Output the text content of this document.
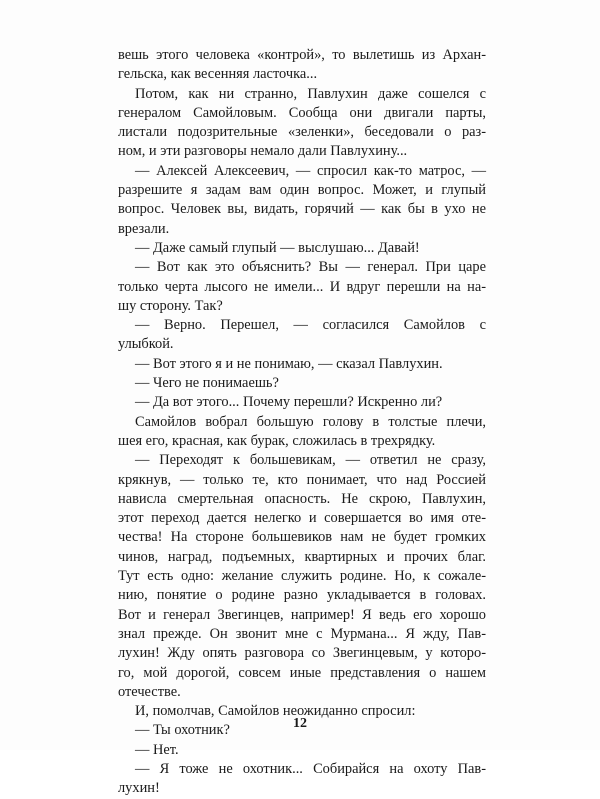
вешь этого человека «контрой», то вылетишь из Архан-
гельска, как весенняя ласточка...
Потом, как ни странно, Павлухин даже сошелся с
генералом Самойловым. Сообща они двигали парты,
листали подозрительные «зеленки», беседовали о раз-
ном, и эти разговоры немало дали Павлухину...
— Алексей Алексеевич, — спросил как-то матрос, —
разрешите я задам вам один вопрос. Может, и глупый
вопрос. Человек вы, видать, горячий — как бы в ухо не
врезали.
— Даже самый глупый — выслушаю... Давай!
— Вот как это объяснить? Вы — генерал. При царе
только черта лысого не имели... И вдруг перешли на на-
шу сторону. Так?
— Верно. Перешел, — согласился Самойлов с
улыбкой.
— Вот этого я и не понимаю, — сказал Павлухин.
— Чего не понимаешь?
— Да вот этого... Почему перешли? Искренно ли?
Самойлов вобрал большую голову в толстые плечи,
шея его, красная, как бурак, сложилась в трехрядку.
— Переходят к большевикам, — ответил не сразу,
крякнув, — только те, кто понимает, что над Россией
нависла смертельная опасность. Не скрою, Павлухин,
этот переход дается нелегко и совершается во имя оте-
чества! На стороне большевиков нам не будет громких
чинов, наград, подъемных, квартирных и прочих благ.
Тут есть одно: желание служить родине. Но, к сожале-
нию, понятие о родине разно укладывается в головах.
Вот и генерал Звегинцев, например! Я ведь его хорошо
знал прежде. Он звонит мне с Мурмана... Я жду, Пав-
лухин! Жду опять разговора со Звегинцевым, у которо-
го, мой дорогой, совсем иные представления о нашем
отечестве.
И, помолчав, Самойлов неожиданно спросил:
— Ты охотник?
— Нет.
— Я тоже не охотник... Собирайся на охоту Пав-
лухин!
12
